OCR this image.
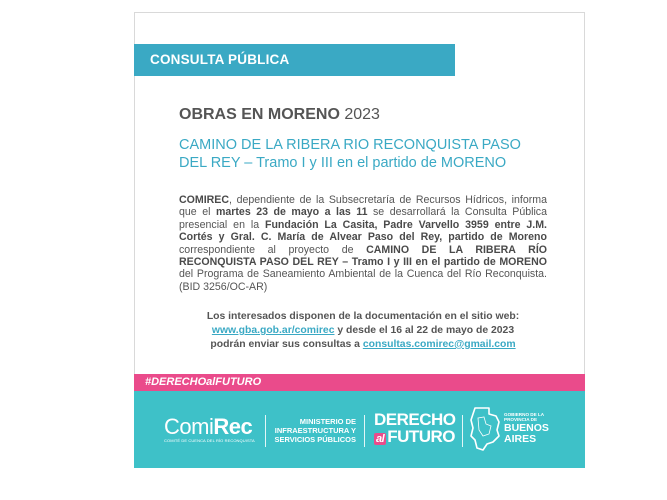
CONSULTA PÚBLICA
OBRAS EN MORENO 2023
CAMINO DE LA RIBERA RIO RECONQUISTA PASO
DEL REY – Tramo I y III en el partido de MORENO

COMIREC, dependiente de la Subsecretaría de Recursos Hídricos, informa que el martes 23 de mayo a las 11 se desarrollará la Consulta Pública presencial en la Fundación La Casita, Padre Varvello 3959 entre J.M. Cortés y Gral. C. María de Alvear Paso del Rey, partido de Moreno correspondiente al proyecto de CAMINO DE LA RIBERA RÍO RECONQUISTA PASO DEL REY – Tramo I y III en el partido de MORENO del Programa de Saneamiento Ambiental de la Cuenca del Río Reconquista. (BID 3256/OC-AR)

Los interesados disponen de la documentación en el sitio web:
www.gba.gob.ar/comirec y desde el 16 al 22 de mayo de 2023
podrán enviar sus consultas a consultas.comirec@gmail.com
#DERECHOalFUTURO
ComiRec
COMITÉ DE CUENCA DEL RÍO RECONQUISTA
MINISTERIO DE
INFRAESTRUCTURA Y
SERVICIOS PÚBLICOS
DERECHO
al FUTURO
GOBIERNO DE LA
PROVINCIA DE
BUENOS
AIRES
